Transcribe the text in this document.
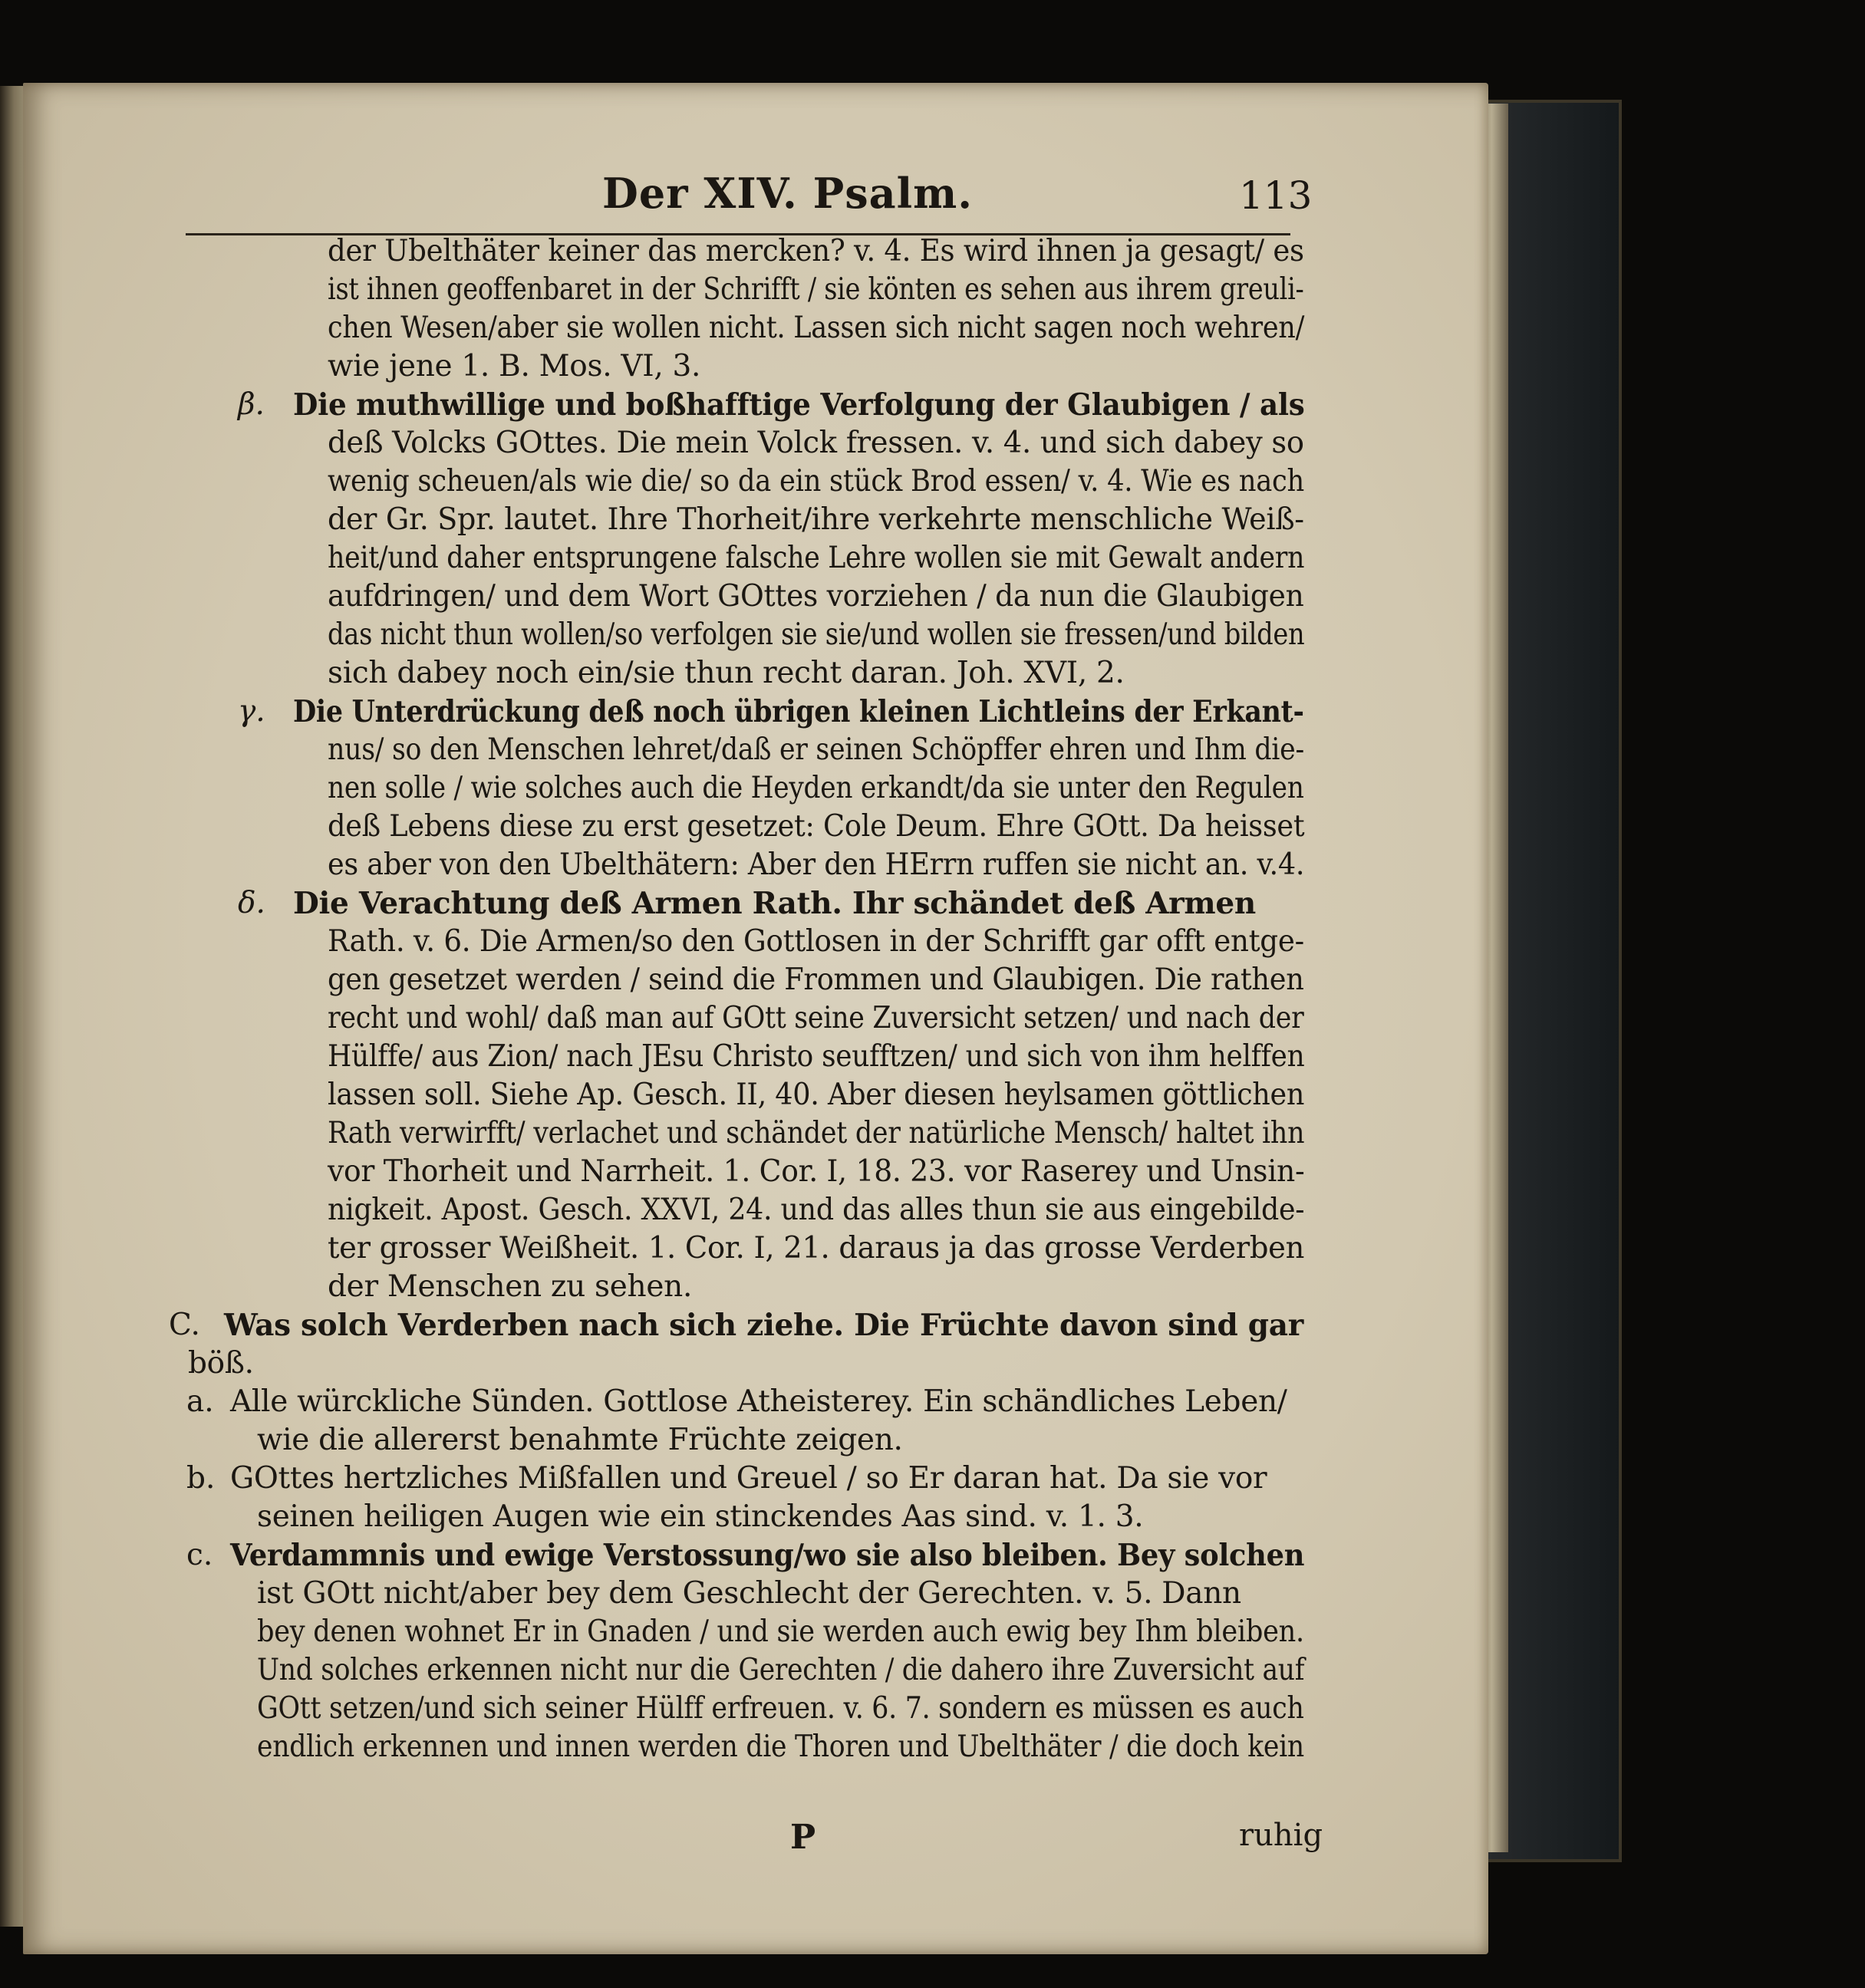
Der XIV. Psalm.	113
der Ubelthäter keiner das mercken? v. 4. Es wird ihnen ja gesagt/ es
ist ihnen geoffenbaret in der Schrifft / sie könten es sehen aus ihrem greuli-
chen Wesen/aber sie wollen nicht. Lassen sich nicht sagen noch wehren/
wie jene 1. B. Mos. VI, 3.
β. Die muthwillige und boßhafftige Verfolgung der Glaubigen / als
deß Volcks GOttes. Die mein Volck fressen. v. 4. und sich dabey so
wenig scheuen/als wie die/ so da ein stück Brod essen/ v. 4. Wie es nach
der Gr. Spr. lautet. Ihre Thorheit/ihre verkehrte menschliche Weiß-
heit/und daher entsprungene falsche Lehre wollen sie mit Gewalt andern
aufdringen/ und dem Wort GOttes vorziehen / da nun die Glaubigen
das nicht thun wollen/so verfolgen sie sie/und wollen sie fressen/und bilden
sich dabey noch ein/sie thun recht daran. Joh. XVI, 2.
γ. Die Unterdrückung deß noch übrigen kleinen Lichtleins der Erkant-
nus/ so den Menschen lehret/daß er seinen Schöpffer ehren und Ihm die-
nen solle / wie solches auch die Heyden erkandt/da sie unter den Regulen
deß Lebens diese zu erst gesetzet: Cole Deum. Ehre GOtt. Da heisset
es aber von den Ubelthätern: Aber den HErrn ruffen sie nicht an. v.4.
δ. Die Verachtung deß Armen Rath. Ihr schändet deß Armen
Rath. v. 6. Die Armen/so den Gottlosen in der Schrifft gar offt entge-
gen gesetzet werden / seind die Frommen und Glaubigen. Die rathen
recht und wohl/ daß man auf GOtt seine Zuversicht setzen/ und nach der
Hülffe/ aus Zion/ nach JEsu Christo seufftzen/ und sich von ihm helffen
lassen soll. Siehe Ap. Gesch. II, 40. Aber diesen heylsamen göttlichen
Rath verwirfft/ verlachet und schändet der natürliche Mensch/ haltet ihn
vor Thorheit und Narrheit. 1. Cor. I, 18. 23. vor Raserey und Unsin-
nigkeit. Apost. Gesch. XXVI, 24. und das alles thun sie aus eingebilde-
ter grosser Weißheit. 1. Cor. I, 21. daraus ja das grosse Verderben
der Menschen zu sehen.
C. Was solch Verderben nach sich ziehe. Die Früchte davon sind gar
böß.
a. Alle würckliche Sünden. Gottlose Atheisterey. Ein schändliches Leben/
wie die allererst benahmte Früchte zeigen.
b. GOttes hertzliches Mißfallen und Greuel / so Er daran hat. Da sie vor
seinen heiligen Augen wie ein stinckendes Aas sind. v. 1. 3.
c. Verdammnis und ewige Verstossung/wo sie also bleiben. Bey solchen
ist GOtt nicht/aber bey dem Geschlecht der Gerechten. v. 5. Dann
bey denen wohnet Er in Gnaden / und sie werden auch ewig bey Ihm bleiben.
Und solches erkennen nicht nur die Gerechten / die dahero ihre Zuversicht auf
GOtt setzen/und sich seiner Hülff erfreuen. v. 6. 7. sondern es müssen es auch
endlich erkennen und innen werden die Thoren und Ubelthäter / die doch kein
P	ruhig
